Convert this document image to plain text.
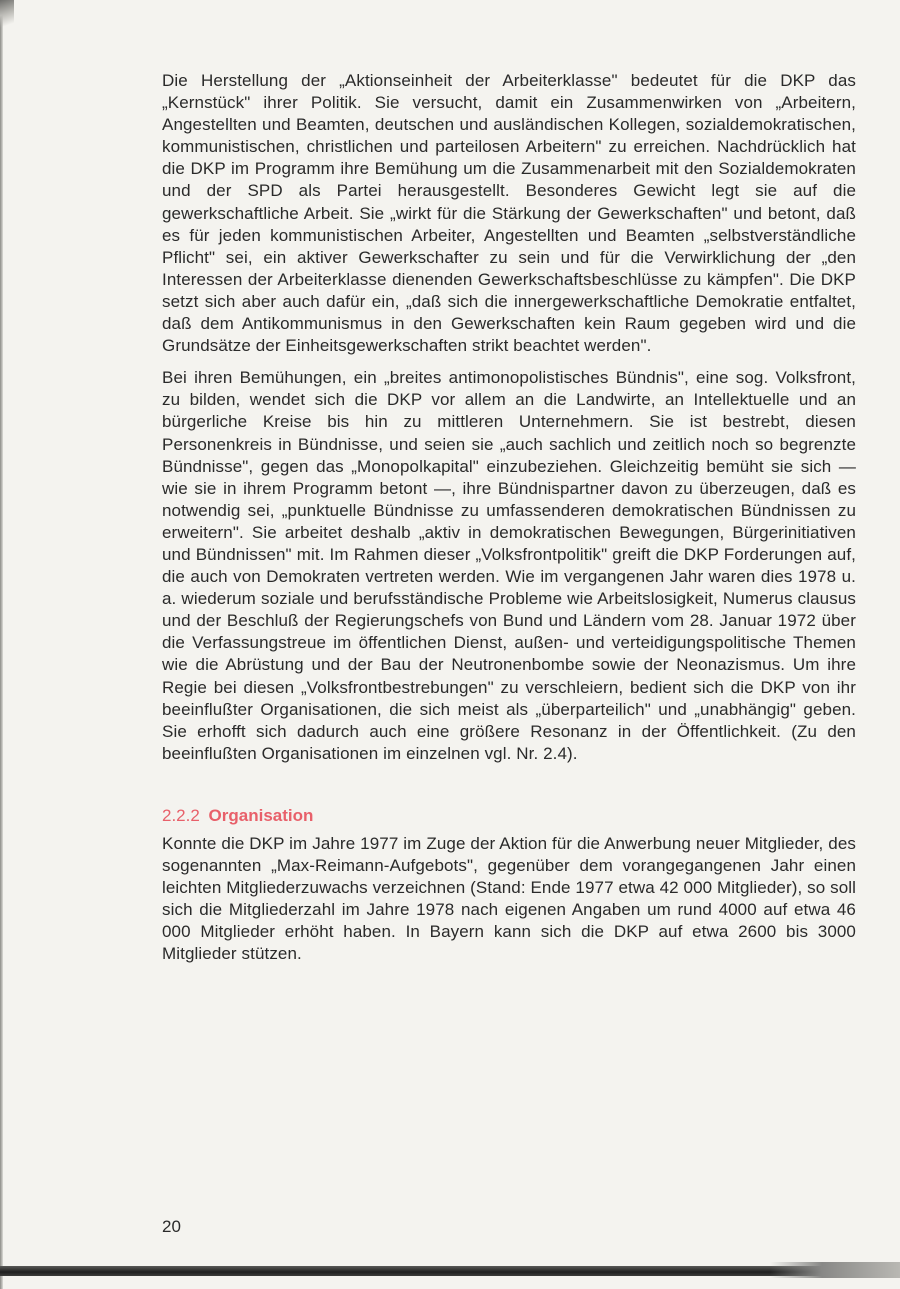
Die Herstellung der „Aktionseinheit der Arbeiterklasse" bedeutet für die DKP das „Kernstück" ihrer Politik. Sie versucht, damit ein Zusammenwirken von „Arbeitern, Angestellten und Beamten, deutschen und ausländischen Kollegen, sozialdemokratischen, kommunistischen, christlichen und parteilosen Arbeitern" zu erreichen. Nachdrücklich hat die DKP im Programm ihre Bemühung um die Zusammenarbeit mit den Sozialdemokraten und der SPD als Partei herausgestellt. Besonderes Gewicht legt sie auf die gewerkschaftliche Arbeit. Sie „wirkt für die Stärkung der Gewerkschaften" und betont, daß es für jeden kommunistischen Arbeiter, Angestellten und Beamten „selbstverständliche Pflicht" sei, ein aktiver Gewerkschafter zu sein und für die Verwirklichung der „den Interessen der Arbeiterklasse dienenden Gewerkschaftsbeschlüsse zu kämpfen". Die DKP setzt sich aber auch dafür ein, „daß sich die innergewerkschaftliche Demokratie entfaltet, daß dem Antikommunismus in den Gewerkschaften kein Raum gegeben wird und die Grundsätze der Einheitsgewerkschaften strikt beachtet werden".

Bei ihren Bemühungen, ein „breites antimonopolistisches Bündnis", eine sog. Volksfront, zu bilden, wendet sich die DKP vor allem an die Landwirte, an Intellektuelle und an bürgerliche Kreise bis hin zu mittleren Unternehmern. Sie ist bestrebt, diesen Personenkreis in Bündnisse, und seien sie „auch sachlich und zeitlich noch so begrenzte Bündnisse", gegen das „Monopolkapital" einzubeziehen. Gleichzeitig bemüht sie sich — wie sie in ihrem Programm betont —, ihre Bündnispartner davon zu überzeugen, daß es notwendig sei, „punktuelle Bündnisse zu umfassenderen demokratischen Bündnissen zu erweitern". Sie arbeitet deshalb „aktiv in demokratischen Bewegungen, Bürgerinitiativen und Bündnissen" mit. Im Rahmen dieser „Volksfrontpolitik" greift die DKP Forderungen auf, die auch von Demokraten vertreten werden. Wie im vergangenen Jahr waren dies 1978 u. a. wiederum soziale und berufsständische Probleme wie Arbeitslosigkeit, Numerus clausus und der Beschluß der Regierungschefs von Bund und Ländern vom 28. Januar 1972 über die Verfassungstreue im öffentlichen Dienst, außen- und verteidigungspolitische Themen wie die Abrüstung und der Bau der Neutronenbombe sowie der Neonazismus. Um ihre Regie bei diesen „Volksfrontbestrebungen" zu verschleiern, bedient sich die DKP von ihr beeinflußter Organisationen, die sich meist als „überparteilich" und „unabhängig" geben. Sie erhofft sich dadurch auch eine größere Resonanz in der Öffentlichkeit. (Zu den beeinflußten Organisationen im einzelnen vgl. Nr. 2.4).

2.2.2 Organisation

Konnte die DKP im Jahre 1977 im Zuge der Aktion für die Anwerbung neuer Mitglieder, des sogenannten „Max-Reimann-Aufgebots", gegenüber dem vorangegangenen Jahr einen leichten Mitgliederzuwachs verzeichnen (Stand: Ende 1977 etwa 42 000 Mitglieder), so soll sich die Mitgliederzahl im Jahre 1978 nach eigenen Angaben um rund 4000 auf etwa 46 000 Mitglieder erhöht haben. In Bayern kann sich die DKP auf etwa 2600 bis 3000 Mitglieder stützen.

20
